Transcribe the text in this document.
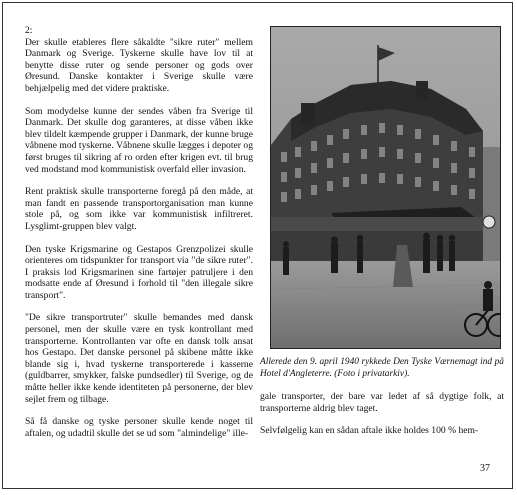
2:

Der skulle etableres flere såkaldte "sikre ruter" mellem Danmark og Sverige. Tyskerne skulle have lov til at benytte disse ruter og sende personer og gods over Øresund. Danske kontakter i Sverige skulle være behjælpelig med det videre praktiske.

Som modydelse kunne der sendes våben fra Sverige til Danmark. Det skulle dog garanteres, at disse våben ikke blev tildelt kæmpende grupper i Danmark, der kunne bruge våbnene mod tyskerne. Våbnene skulle lægges i depoter og først bruges til sikring af ro orden efter krigen evt. til brug ved modstand mod kommunistisk overfald eller invasion.

Rent praktisk skulle transporterne foregå på den måde, at man fandt en passende transportorganisation man kunne stole på, og som ikke var kommunistisk infiltreret. Lysglimt-gruppen blev valgt.

Den tyske Krigsmarine og Gestapos Grenzpolizei skulle orienteres om tidspunkter for transport via "de sikre ruter". I praksis lod Krigsmarinen sine fartøjer patruljere i den modsatte ende af Øresund i forhold til "den illegale sikre transport".

"De sikre transportruter" skulle bemandes med dansk personel, men der skulle være en tysk kontrollant med transporterne. Kontrollanten var ofte en dansk tolk ansat hos Gestapo. Det danske personel på skibene måtte ikke blande sig i, hvad tyskerne transporterede i kasserne (guldbarrer, smykker, falske pundsedler) til Sverige, og de måtte heller ikke kende identiteten på personerne, der blev sejlet frem og tilbage.

Så få danske og tyske personer skulle kende noget til aftalen, og udadtil skulle det se ud som "almindelige" ille-

Allerede den 9. april 1940 rykkede Den Tyske Værnemagt ind på Hotel d'Angleterre. (Foto i privatarkiv).

gale transporter, der bare var ledet af så dygtige folk, at transporterne aldrig blev taget.

Selvfølgelig kan en sådan aftale ikke holdes 100 % hem-

37
